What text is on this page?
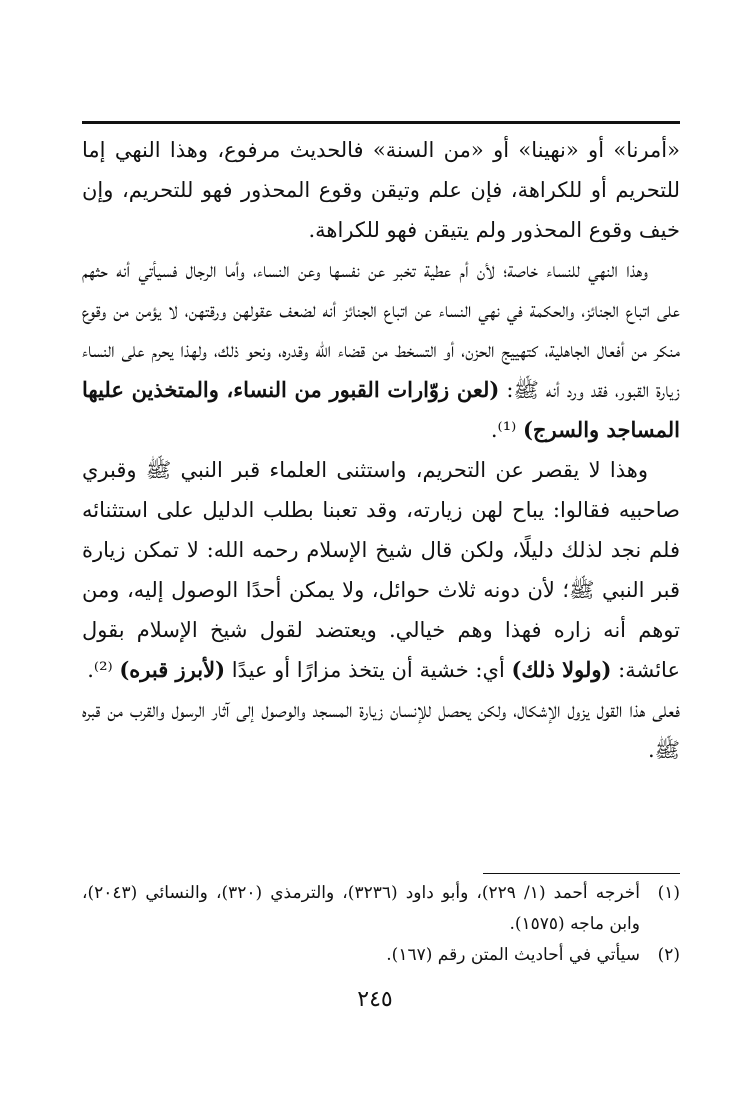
«أمرنا» أو «نهينا» أو «من السنة» فالحديث مرفوع، وهذا النهي إما للتحريم أو للكراهة، فإن علم وتيقن وقوع المحذور فهو للتحريم، وإن خيف وقوع المحذور ولم يتيقن فهو للكراهة.

وهذا النهي للنساء خاصة؛ لأن أم عطية تخبر عن نفسها وعن النساء، وأما الرجال فسيأتي أنه حثهم على اتباع الجنائز، والحكمة في نهي النساء عن اتباع الجنائز أنه لضعف عقولهن ورقتهن، لا يؤمن من وقوع منكر من أفعال الجاهلية، كتهييج الحزن، أو التسخط من قضاء الله وقدره، ونحو ذلك، ولهذا يحرم على النساء زيارة القبور، فقد ورد أنه ﷺ: (لعن زوّارات القبور من النساء، والمتخذين عليها المساجد والسرج) ⁽¹⁾.

وهذا لا يقصر عن التحريم، واستثنى العلماء قبر النبي ﷺ وقبري صاحبيه فقالوا: يباح لهن زيارته، وقد تعبنا بطلب الدليل على استثنائه فلم نجد لذلك دليلًا، ولكن قال شيخ الإسلام رحمه الله: لا تمكن زيارة قبر النبي ﷺ؛ لأن دونه ثلاث حوائل، ولا يمكن أحدًا الوصول إليه، ومن توهم أنه زاره فهذا وهم خيالي. ويعتضد لقول شيخ الإسلام بقول عائشة: (ولولا ذلك) أي: خشية أن يتخذ مزارًا أو عيدًا (لأبرز قبره) ⁽²⁾.

فعلى هذا القول يزول الإشكال، ولكن يحصل للإنسان زيارة المسجد والوصول إلى آثار الرسول والقرب من قبره ﷺ.

(١)
أخرجه أحمد (١/ ٢٢٩)، وأبو داود (٣٢٣٦)، والترمذي (٣٢٠)، والنسائي (٢٠٤٣)، وابن ماجه (١٥٧٥).
(٢)
سيأتي في أحاديث المتن رقم (١٦٧).
٢٤٥
